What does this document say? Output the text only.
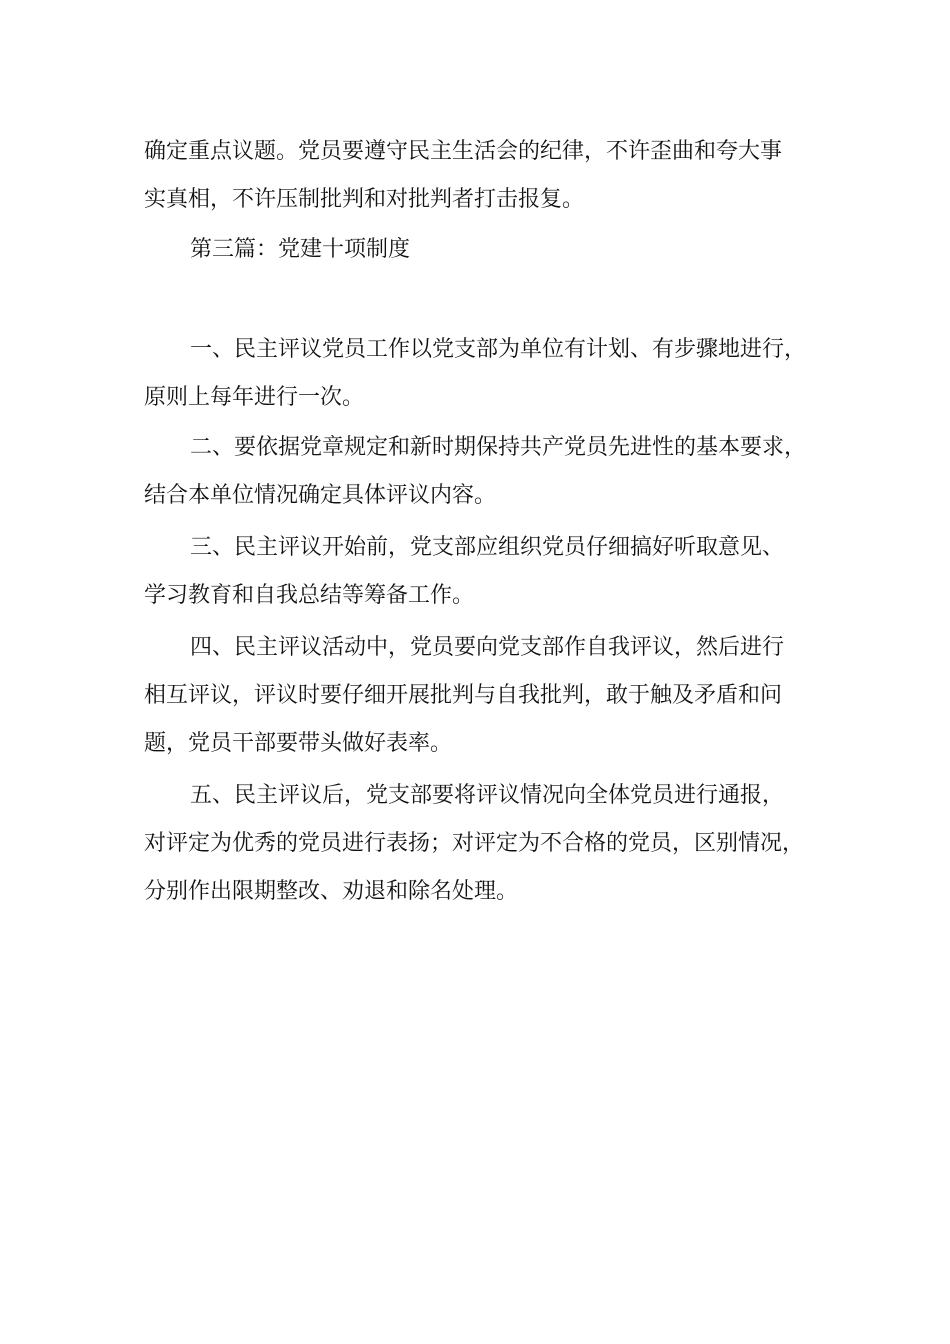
确定重点议题。党员要遵守民主生活会的纪律，不许歪曲和夸大事
实真相，不许压制批判和对批判者打击报复。
第三篇：党建十项制度
一、民主评议党员工作以党支部为单位有计划、有步骤地进行，
原则上每年进行一次。
二、要依据党章规定和新时期保持共产党员先进性的基本要求，
结合本单位情况确定具体评议内容。
三、民主评议开始前，党支部应组织党员仔细搞好听取意见、
学习教育和自我总结等筹备工作。
四、民主评议活动中，党员要向党支部作自我评议，然后进行
相互评议，评议时要仔细开展批判与自我批判，敢于触及矛盾和问
题，党员干部要带头做好表率。
五、民主评议后，党支部要将评议情况向全体党员进行通报，
对评定为优秀的党员进行表扬；对评定为不合格的党员，区别情况，
分别作出限期整改、劝退和除名处理。
